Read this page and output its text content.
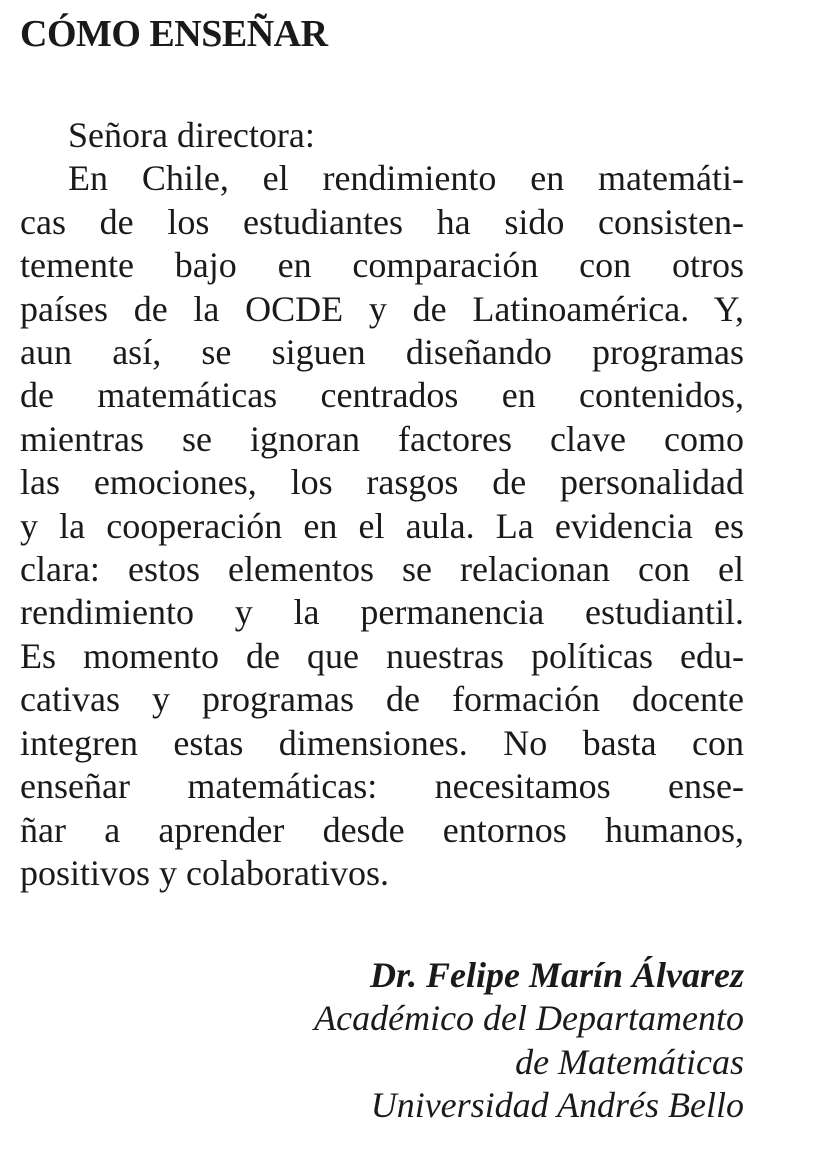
CÓMO ENSEÑAR
Señora directora:
En Chile, el rendimiento en matemáti-
cas de los estudiantes ha sido consisten-
temente bajo en comparación con otros
países de la OCDE y de Latinoamérica. Y,
aun así, se siguen diseñando programas
de matemáticas centrados en contenidos,
mientras se ignoran factores clave como
las emociones, los rasgos de personalidad
y la cooperación en el aula. La evidencia es
clara: estos elementos se relacionan con el
rendimiento y la permanencia estudiantil.
Es momento de que nuestras políticas edu-
cativas y programas de formación docente
integren estas dimensiones. No basta con
enseñar matemáticas: necesitamos ense-
ñar a aprender desde entornos humanos,
positivos y colaborativos.
Dr. Felipe Marín Álvarez
Académico del Departamento
de Matemáticas
Universidad Andrés Bello
